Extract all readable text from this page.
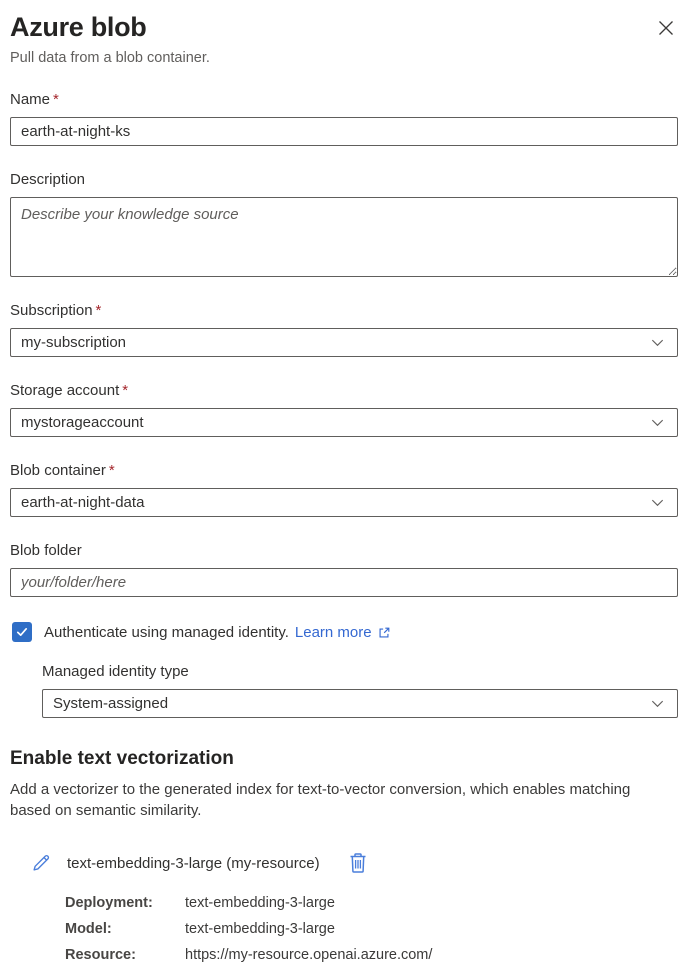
Azure blob

Pull data from a blob container.

Name *
earth-at-night-ks
Description
Describe your knowledge source
Subscription *
my-subscription
Storage account *
mystorageaccount
Blob container *
earth-at-night-data
Blob folder
your/folder/here
Authenticate using managed identity. Learn more
Managed identity type
System-assigned
Enable text vectorization

Add a vectorizer to the generated index for text-to-vector conversion, which enables matching based on semantic similarity.

text-embedding-3-large (my-resource)
Deployment:	text-embedding-3-large
Model:	text-embedding-3-large
Resource:	https://my-resource.openai.azure.com/
